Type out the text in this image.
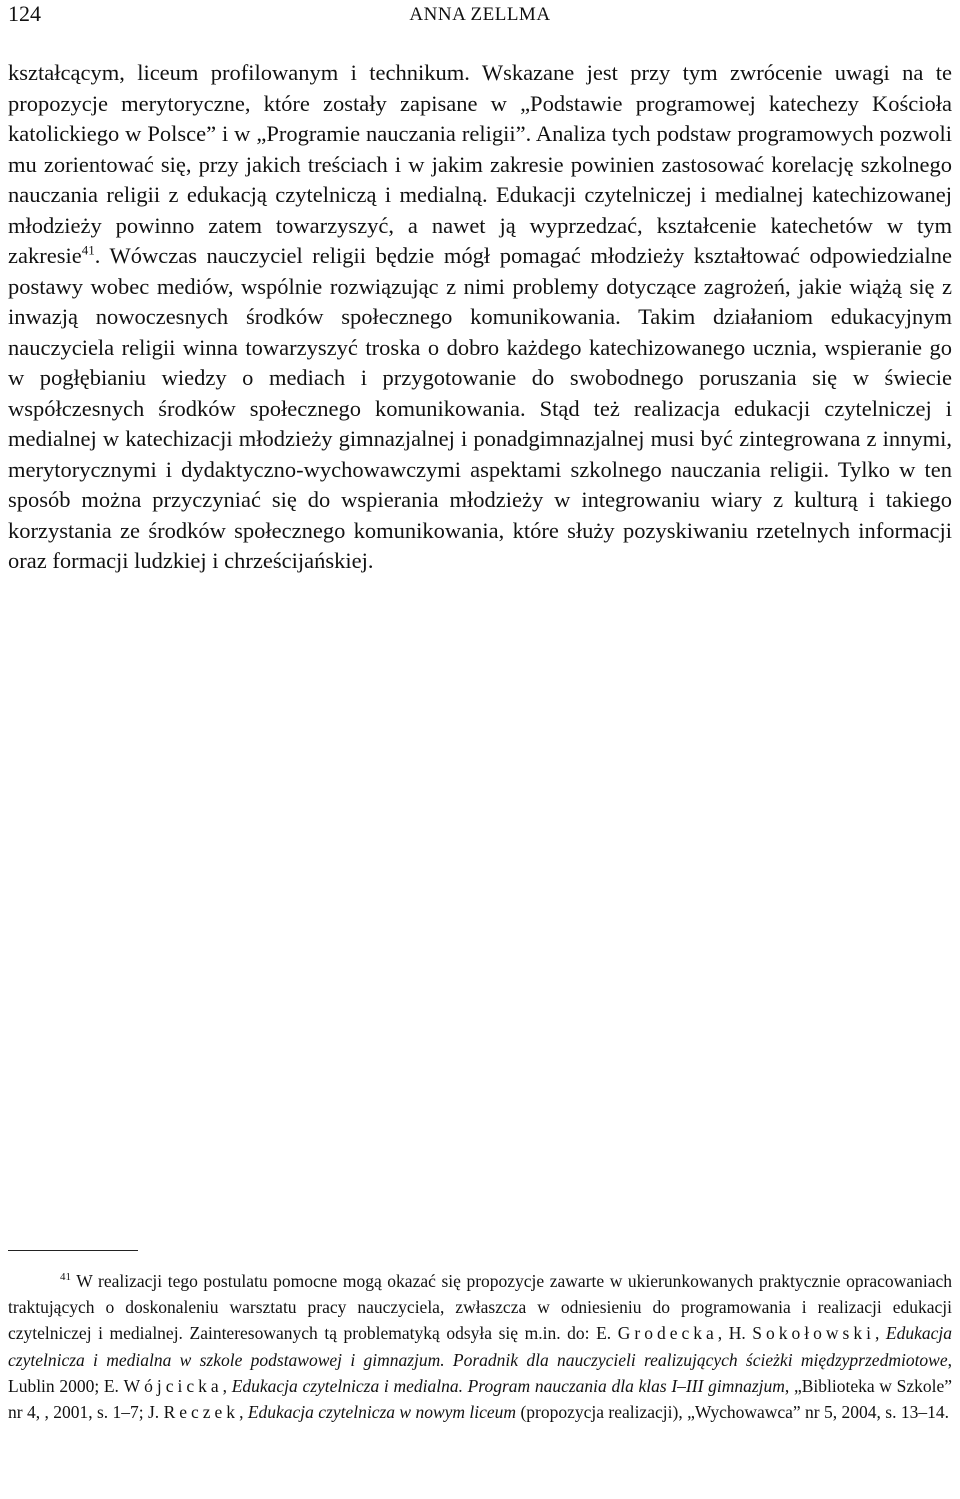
124	ANNA ZELLMA

kształcącym, liceum profilowanym i technikum. Wskazane jest przy tym zwrócenie uwagi na te propozycje merytoryczne, które zostały zapisane w „Podstawie programowej katechezy Kościoła katolickiego w Polsce” i w „Programie nauczania religii”. Analiza tych podstaw programowych pozwoli mu zorientować się, przy jakich treściach i w jakim zakresie powinien zastosować korelację szkolnego nauczania religii z edukacją czytelniczą i medialną. Edukacji czytelniczej i medialnej katechizowanej młodzieży powinno zatem towarzyszyć, a nawet ją wyprzedzać, kształcenie katechetów w tym zakresie$^{41}$. Wówczas nauczyciel religii będzie mógł pomagać młodzieży kształtować odpowiedzialne postawy wobec mediów, wspólnie rozwiązując z nimi problemy dotyczące zagrożeń, jakie wiążą się z inwazją nowoczesnych środków społecznego komunikowania. Takim działaniom edukacyjnym nauczyciela religii winna towarzyszyć troska o dobro każdego katechizowanego ucznia, wspieranie go w pogłębianiu wiedzy o mediach i przygotowanie do swobodnego poruszania się w świecie współczesnych środków społecznego komunikowania. Stąd też realizacja edukacji czytelniczej i medialnej w katechizacji młodzieży gimnazjalnej i ponadgimnazjalnej musi być zintegrowana z innymi, merytorycznymi i dydaktyczno-wychowawczymi aspektami szkolnego nauczania religii. Tylko w ten sposób można przyczyniać się do wspierania młodzieży w integrowaniu wiary z kulturą i takiego korzystania ze środków społecznego komunikowania, które służy pozyskiwaniu rzetelnych informacji oraz formacji ludzkiej i chrześcijańskiej.

$^{41}$ W realizacji tego postulatu pomocne mogą okazać się propozycje zawarte w ukierunkowanych praktycznie opracowaniach traktujących o doskonaleniu warsztatu pracy nauczyciela, zwłaszcza w odniesieniu do programowania i realizacji edukacji czytelniczej i medialnej. Zainteresowanych tą problematyką odsyła się m.in. do: E. Grodecka, H. Sokołowski, Edukacja czytelnicza i medialna w szkole podstawowej i gimnazjum. Poradnik dla nauczycieli realizujących ścieżki międzyprzedmiotowe, Lublin 2000; E. Wójcicka, Edukacja czytelnicza i medialna. Program nauczania dla klas I–III gimnazjum, „Biblioteka w Szkole” nr 4, , 2001, s. 1–7; J. Reczek, Edukacja czytelnicza w nowym liceum (propozycja realizacji), „Wychowawca” nr 5, 2004, s. 13–14.
